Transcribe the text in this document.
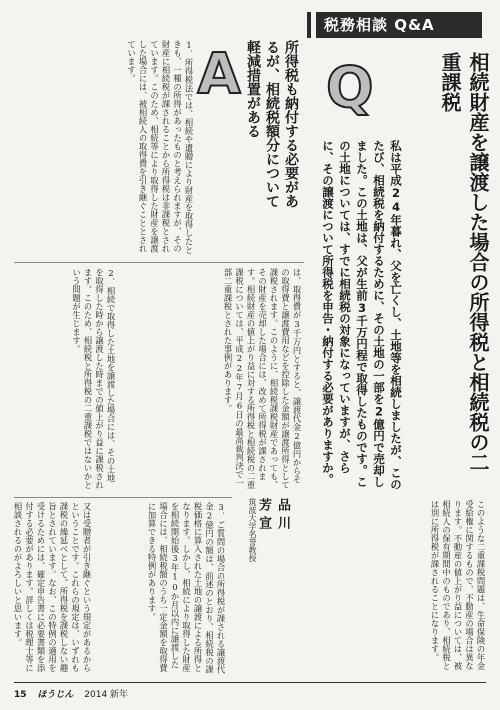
税務相談 Q&A
Q	相続財産を譲渡した場合の所得税と相続税の二重課税
私は平成24年暮れ、父を亡くし、土地等を相続しましたが、このたび、相続税を納付するために、その土地の一部を2億円で売却しました。この土地は、父が生前3千万円程で取得したものです。この土地については、すでに相続税の対象になっていますが、さらに、その譲渡について所得税を申告・納付する必要がありますか。
A	所得税も納付する必要があるが、相続税額分について軽減措置がある
1．所得税法では、相続や遺贈により財産を取得したときも、一種の所得があったものと考えられますが、その財産に相続税が課されることから所得税は非課税とされています。このため、相続等により取得した財産を譲渡した場合には、被相続人の取得費を引き継ぐこととされています。
2．相続で取得した土地を譲渡した場合には、その土地を取得した時から譲渡した時までの値上がり益に課税されます。このため、相続税と所得税の二重課税ではないかという問題が生じます。	は、取得費が3千万円とすると、譲渡代金2億円からその取得費と譲渡費用などを控除した金額が譲渡所得として課税されます。このように、相続税課税財産であっても、その財産を売却した場合には、改めて所得税が課されます。相続財産の値上がり益に対する所得税と相続税の二重課税については、平成22年7月6日の最高裁判決で一部二重課税とされた事例があります。
このような二重課税問題は、生命保険の年金受給権に関するもので、不動産の場合は異なります。不動産の値上がり益については、被相続人の保有期間中のものであり、相続税とは別に所得税が課されることになります。
3．ご質問の場合の所得税が課される譲渡代金2億円の額は、前述のとおり、相続税の課税価格に算入された土地の譲渡による所得となります。しかし、相続により取得した財産を相続開始後3年10か月以内に譲渡した場合には、相続税額のうち一定金額を取得費に加算できる特例があります。
又は受贈者が引き継ぐという規定があるからということです。これらの規定は、いずれも課税の繰延べとして、所得税を課税しない趣旨とされています。なお、この特例の適用を受けるためには、確定申告書に必要書類を添付する必要があります。詳しくは税理士等に相談されるのがよろしいと思います。	品川 芳宣
筑波大学名誉教授
15 ほうじん 2014 新年
